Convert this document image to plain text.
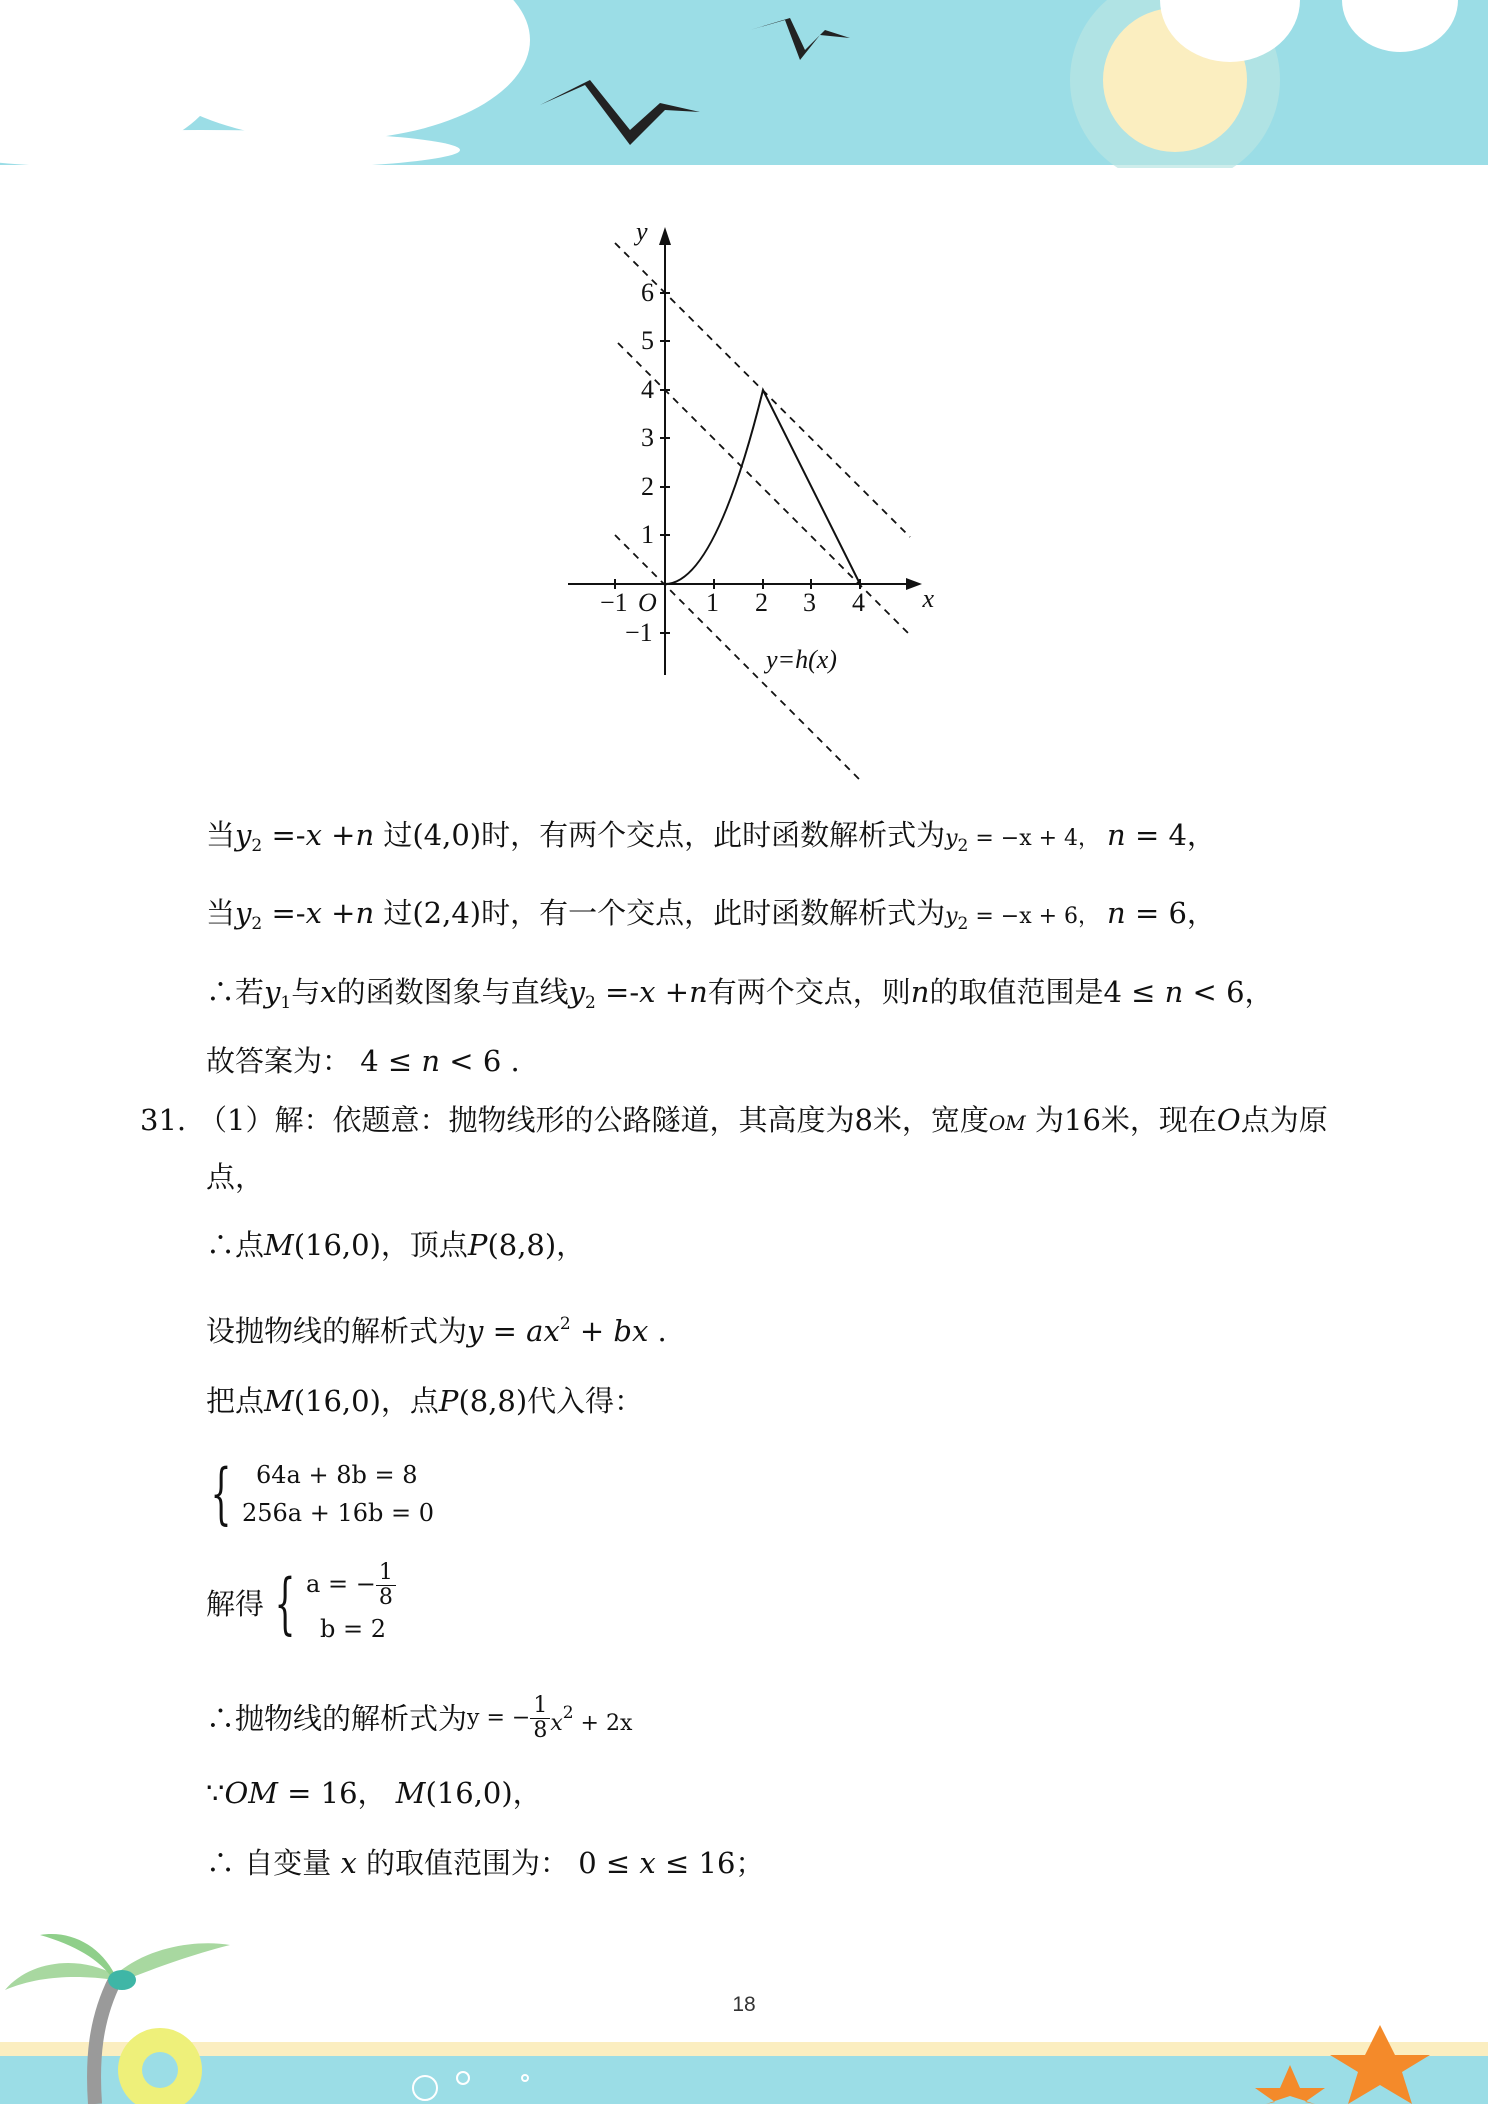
x
y
O
−1	1 2 3 4
6
5
4
3
2
1
−1
y=h(x)
当$y_2 =-x +n$ 过(4,0)时，有两个交点，此时函数解析式为$y_2 = -x + 4$， n = 4，
当$y_2 =-x +n$ 过(2,4)时，有一个交点，此时函数解析式为$y_2 = -x + 6$， n = 6，
∴若$y_1$与x的函数图象与直线$y_2 =-x +n$有两个交点，则n的取值范围是4 ≤ n < 6，
故答案为： 4 ≤ n < 6 .
31. （1）解：依题意：抛物线形的公路隧道，其高度为8米，宽度OM 为16米，现在O点为原
点，
∴点M(16,0)，顶点P(8,8)，
设抛物线的解析式为$y = ax^2$ + bx .
把点M(16,0)，点P(8,8)代入得：
{	64a + 8b = 8
256a + 16b = 0
解得 { a = − $\frac{1}{8}$
b = 2
∴抛物线的解析式为y = − $\frac{1}{8}x^2 + 2x$
∵OM = 16， M(16,0)，
∴ 自变量 x 的取值范围为： 0 ≤ x ≤ 16；
18
